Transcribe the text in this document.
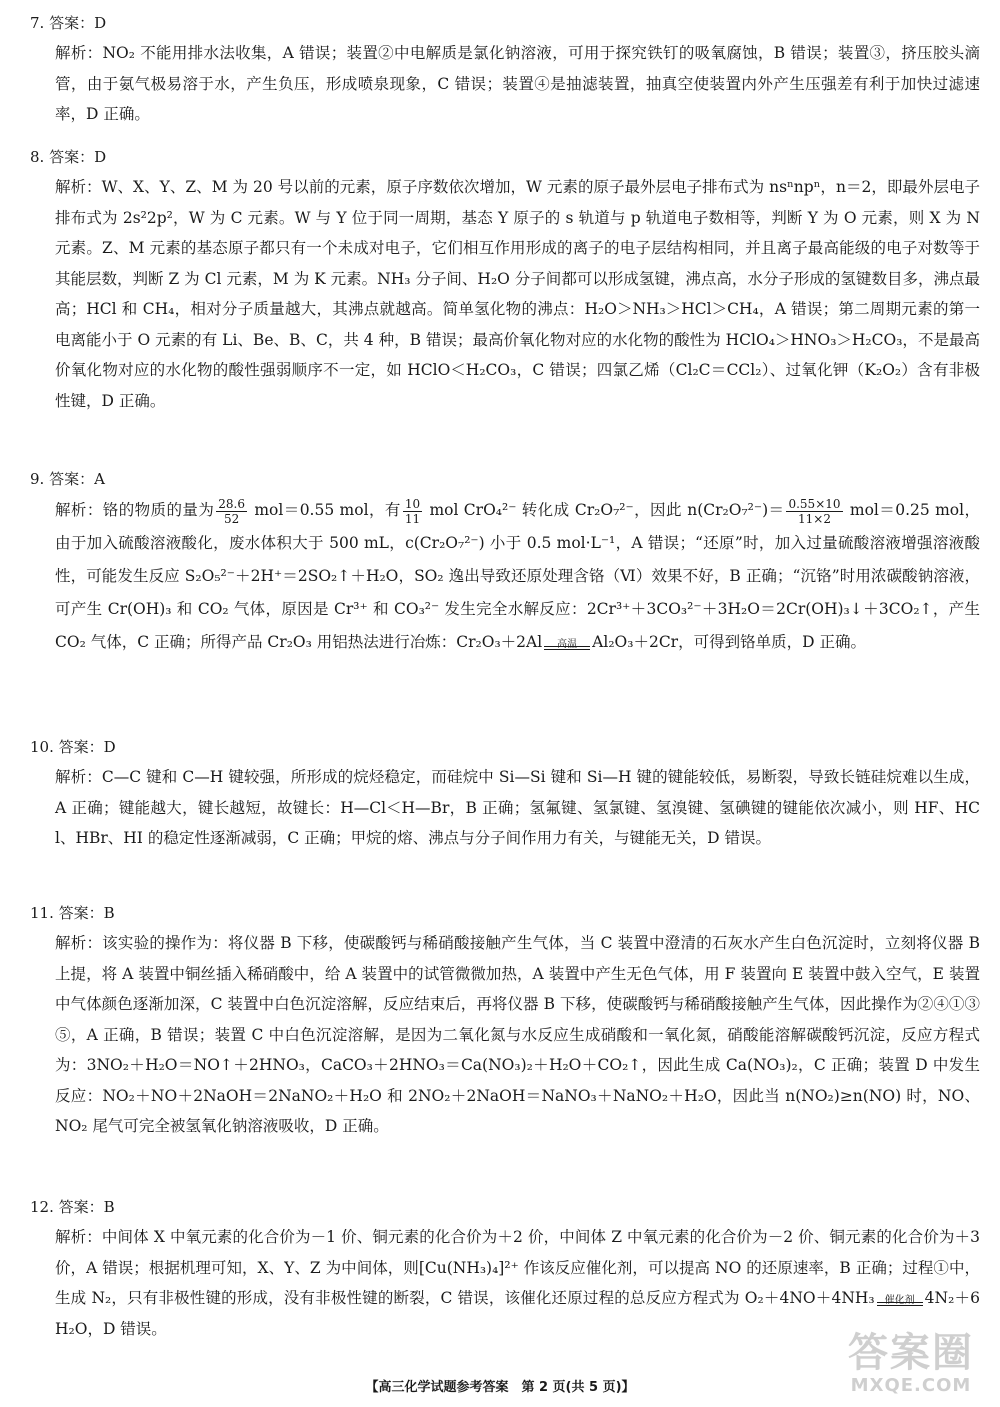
7. 答案：D

解析：NO₂ 不能用排水法收集，A 错误；装置②中电解质是氯化钠溶液，可用于探究铁钉的吸氧腐蚀，B 错误；装置③，挤压胶头滴管，由于氨气极易溶于水，产生负压，形成喷泉现象，C 错误；装置④是抽滤装置，抽真空使装置内外产生压强差有利于加快过滤速率，D 正确。

8. 答案：D

解析：W、X、Y、Z、M 为 20 号以前的元素，原子序数依次增加，W 元素的原子最外层电子排布式为 nsⁿnpⁿ，n＝2，即最外层电子排布式为 2s²2p²，W 为 C 元素。W 与 Y 位于同一周期，基态 Y 原子的 s 轨道与 p 轨道电子数相等，判断 Y 为 O 元素，则 X 为 N 元素。Z、M 元素的基态原子都只有一个未成对电子，它们相互作用形成的离子的电子层结构相同，并且离子最高能级的电子对数等于其能层数，判断 Z 为 Cl 元素，M 为 K 元素。NH₃ 分子间、H₂O 分子间都可以形成氢键，沸点高，水分子形成的氢键数目多，沸点最高；HCl 和 CH₄，相对分子质量越大，其沸点就越高。简单氢化物的沸点：H₂O＞NH₃＞HCl＞CH₄，A 错误；第二周期元素的第一电离能小于 O 元素的有 Li、Be、B、C，共 4 种，B 错误；最高价氧化物对应的水化物的酸性为 HClO₄＞HNO₃＞H₂CO₃，不是最高价氧化物对应的水化物的酸性强弱顺序不一定，如 HClO＜H₂CO₃，C 错误；四氯乙烯（Cl₂C＝CCl₂）、过氧化钾（K₂O₂）含有非极性键，D 正确。

9. 答案：A

解析：铬的物质的量为 $\frac{28.6}{52} mol=0.55$ mol，有 $\frac{10}{11}$ mol CrO₄²⁻ 转化成 Cr₂O₇²⁻，因此 $n(Cr_2O_7^{2-})= \frac{0.55\times 10}{11\times 2} mol=0.25$ mol，由于加入硫酸溶液酸化，废水体积大于 500 mL，c(Cr₂O₇²⁻) 小于 0.5 mol·L⁻¹，A 错误；“还原”时，加入过量硫酸溶液增强溶液酸性，可能发生反应 S₂O₅²⁻＋2H⁺＝2SO₂↑＋H₂O，SO₂ 逸出导致还原处理含铬（Ⅵ）效果不好，B 正确；“沉铬”时用浓碳酸钠溶液，可产生 Cr(OH)₃ 和 CO₂ 气体，原因是 Cr³⁺ 和 CO₃²⁻ 发生完全水解反应：2Cr³⁺＋3CO₃²⁻＋3H₂O＝2Cr(OH)₃↓＋3CO₂↑，产生 CO₂ 气体，C 正确；所得产品 Cr₂O₃ 用铝热法进行冶炼：Cr₂O₃＋2Al	高温 Al₂O₃＋2Cr，可得到铬单质，D 正确。

10. 答案：D

解析：C—C 键和 C—H 键较强，所形成的烷烃稳定，而硅烷中 Si—Si 键和 Si—H 键的键能较低，易断裂，导致长链硅烷难以生成，A 正确；键能越大，键长越短，故键长：H—Cl＜H—Br，B 正确；氢氟键、氢氯键、氢溴键、氢碘键的键能依次减小，则 HF、HCl、HBr、HI 的稳定性逐渐减弱，C 正确；甲烷的熔、沸点与分子间作用力有关，与键能无关，D 错误。

11. 答案：B

解析：该实验的操作为：将仪器 B 下移，使碳酸钙与稀硝酸接触产生气体，当 C 装置中澄清的石灰水产生白色沉淀时，立刻将仪器 B 上提，将 A 装置中铜丝插入稀硝酸中，给 A 装置中的试管微微加热，A 装置中产生无色气体，用 F 装置向 E 装置中鼓入空气，E 装置中气体颜色逐渐加深，C 装置中白色沉淀溶解，反应结束后，再将仪器 B 下移，使碳酸钙与稀硝酸接触产生气体，因此操作为②④①③⑤，A 正确，B 错误；装置 C 中白色沉淀溶解，是因为二氧化氮与水反应生成硝酸和一氧化氮，硝酸能溶解碳酸钙沉淀，反应方程式为：3NO₂＋H₂O＝NO↑＋2HNO₃，CaCO₃＋2HNO₃＝Ca(NO₃)₂＋H₂O＋CO₂↑，因此生成 Ca(NO₃)₂，C 正确；装置 D 中发生反应：NO₂＋NO＋2NaOH＝2NaNO₂＋H₂O 和 2NO₂＋2NaOH＝NaNO₃＋NaNO₂＋H₂O，因此当 n(NO₂)≥n(NO) 时，NO、NO₂ 尾气可完全被氢氧化钠溶液吸收，D 正确。

12. 答案：B

解析：中间体 X 中氧元素的化合价为－1 价、铜元素的化合价为＋2 价，中间体 Z 中氧元素的化合价为－2 价、铜元素的化合价为＋3 价，A 错误；根据机理可知，X、Y、Z 为中间体，则[Cu(NH₃)₄]²⁺ 作该反应催化剂，可以提高 NO 的还原速率，B 正确；过程①中，生成 N₂，只有非极性键的形成，没有非极性键的断裂，C 错误，该催化还原过程的总反应方程式为 O₂＋4NO＋4NH₃	催化剂 4N₂＋6H₂O，D 错误。

【高三化学试题参考答案　第 2 页(共 5 页)】
答案圈
MXQE.COM
